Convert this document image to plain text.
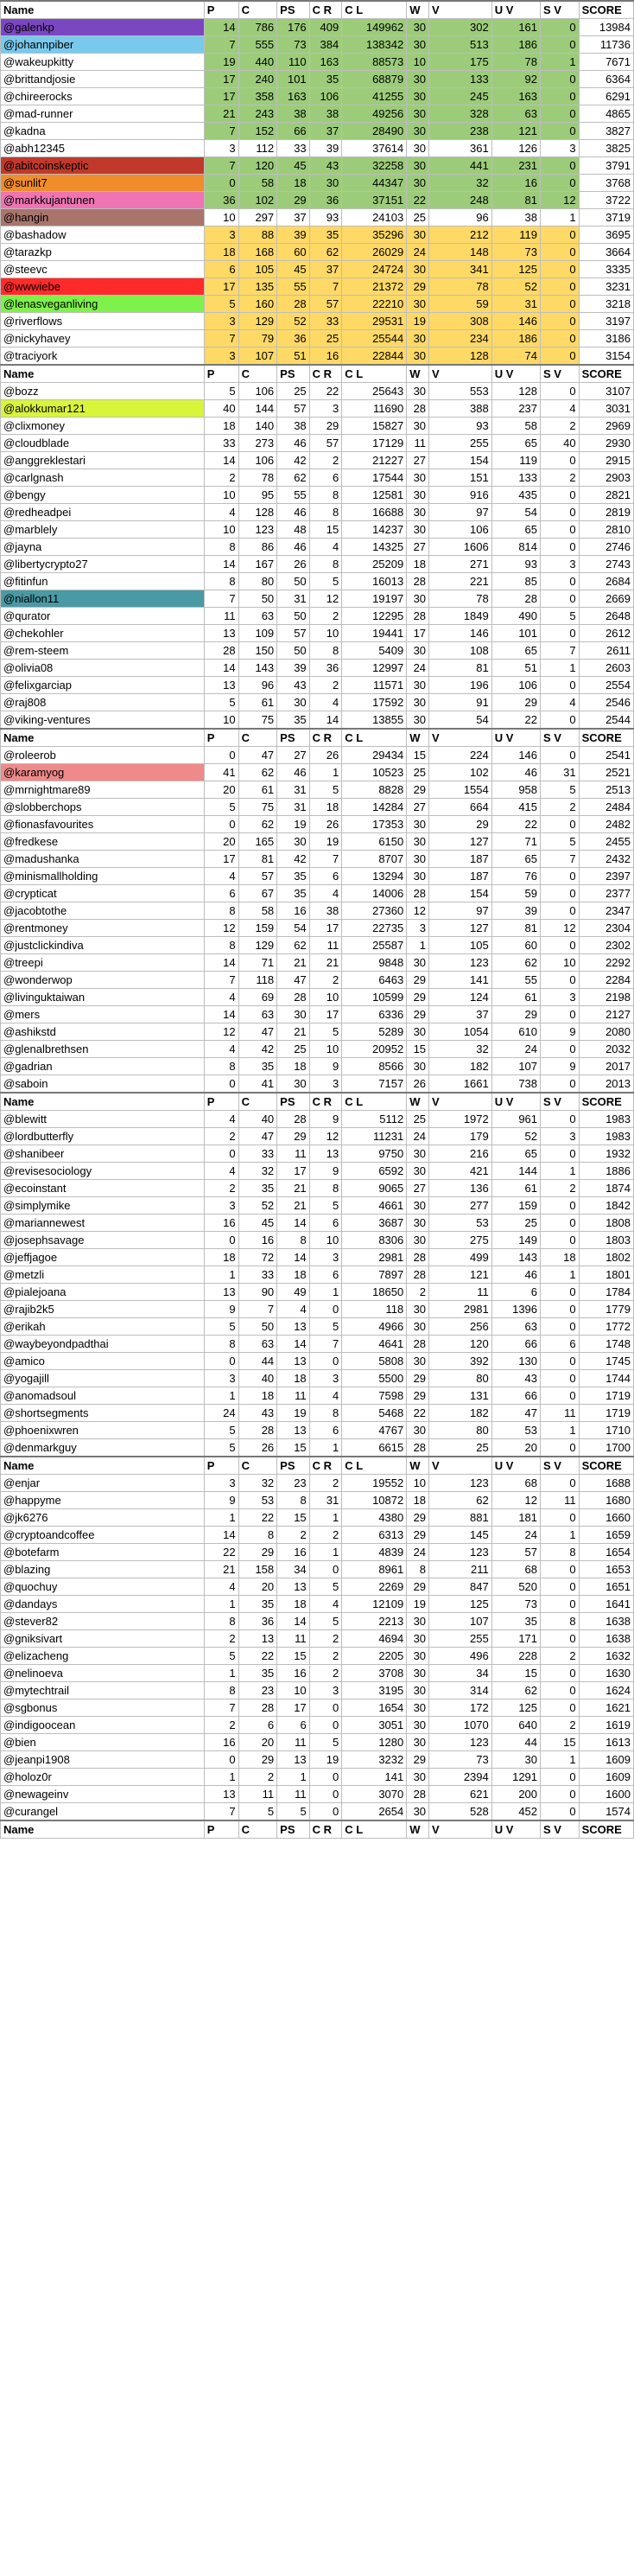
Name	P	C	PS	C R	C L	W	V	U V	S V	SCORE
@galenkp	14	786	176	409	149962	30	302	161	0	13984
@johannpiber	7	555	73	384	138342	30	513	186	0	11736
@wakeupkitty	19	440	110	163	88573	10	175	78	1	7671
@brittandjosie	17	240	101	35	68879	30	133	92	0	6364
@chireerocks	17	358	163	106	41255	30	245	163	0	6291
@mad-runner	21	243	38	38	49256	30	328	63	0	4865
@kadna	7	152	66	37	28490	30	238	121	0	3827
@abh12345	3	112	33	39	37614	30	361	126	3	3825
@abitcoinskeptic	7	120	45	43	32258	30	441	231	0	3791
@sunlit7	0	58	18	30	44347	30	32	16	0	3768
@markkujantunen	36	102	29	36	37151	22	248	81	12	3722
@hangin	10	297	37	93	24103	25	96	38	1	3719
@bashadow	3	88	39	35	35296	30	212	119	0	3695
@tarazkp	18	168	60	62	26029	24	148	73	0	3664
@steevc	6	105	45	37	24724	30	341	125	0	3335
@wwwiebe	17	135	55	7	21372	29	78	52	0	3231
@lenasveganliving	5	160	28	57	22210	30	59	31	0	3218
@riverflows	3	129	52	33	29531	19	308	146	0	3197
@nickyhavey	7	79	36	25	25544	30	234	186	0	3186
@traciyork	3	107	51	16	22844	30	128	74	0	3154
Name	P	C	PS	C R	C L	W	V	U V	S V	SCORE
@bozz	5	106	25	22	25643	30	553	128	0	3107
@alokkumar121	40	144	57	3	11690	28	388	237	4	3031
@clixmoney	18	140	38	29	15827	30	93	58	2	2969
@cloudblade	33	273	46	57	17129	11	255	65	40	2930
@anggreklestari	14	106	42	2	21227	27	154	119	0	2915
@carlgnash	2	78	62	6	17544	30	151	133	2	2903
@bengy	10	95	55	8	12581	30	916	435	0	2821
@redheadpei	4	128	46	8	16688	30	97	54	0	2819
@marblely	10	123	48	15	14237	30	106	65	0	2810
@jayna	8	86	46	4	14325	27	1606	814	0	2746
@libertycrypto27	14	167	26	8	25209	18	271	93	3	2743
@fitinfun	8	80	50	5	16013	28	221	85	0	2684
@niallon11	7	50	31	12	19197	30	78	28	0	2669
@qurator	11	63	50	2	12295	28	1849	490	5	2648
@chekohler	13	109	57	10	19441	17	146	101	0	2612
@rem-steem	28	150	50	8	5409	30	108	65	7	2611
@olivia08	14	143	39	36	12997	24	81	51	1	2603
@felixgarciap	13	96	43	2	11571	30	196	106	0	2554
@raj808	5	61	30	4	17592	30	91	29	4	2546
@viking-ventures	10	75	35	14	13855	30	54	22	0	2544
Name	P	C	PS	C R	C L	W	V	U V	S V	SCORE
@roleerob	0	47	27	26	29434	15	224	146	0	2541
@karamyog	41	62	46	1	10523	25	102	46	31	2521
@mrnightmare89	20	61	31	5	8828	29	1554	958	5	2513
@slobberchops	5	75	31	18	14284	27	664	415	2	2484
@fionasfavourites	0	62	19	26	17353	30	29	22	0	2482
@fredkese	20	165	30	19	6150	30	127	71	5	2455
@madushanka	17	81	42	7	8707	30	187	65	7	2432
@minismallholding	4	57	35	6	13294	30	187	76	0	2397
@crypticat	6	67	35	4	14006	28	154	59	0	2377
@jacobtothe	8	58	16	38	27360	12	97	39	0	2347
@rentmoney	12	159	54	17	22735	3	127	81	12	2304
@justclickindiva	8	129	62	11	25587	1	105	60	0	2302
@treepi	14	71	21	21	9848	30	123	62	10	2292
@wonderwop	7	118	47	2	6463	29	141	55	0	2284
@livinguktaiwan	4	69	28	10	10599	29	124	61	3	2198
@mers	14	63	30	17	6336	29	37	29	0	2127
@ashikstd	12	47	21	5	5289	30	1054	610	9	2080
@glenalbrethsen	4	42	25	10	20952	15	32	24	0	2032
@gadrian	8	35	18	9	8566	30	182	107	9	2017
@saboin	0	41	30	3	7157	26	1661	738	0	2013
Name	P	C	PS	C R	C L	W	V	U V	S V	SCORE
@blewitt	4	40	28	9	5112	25	1972	961	0	1983
@lordbutterfly	2	47	29	12	11231	24	179	52	3	1983
@shanibeer	0	33	11	13	9750	30	216	65	0	1932
@revisesociology	4	32	17	9	6592	30	421	144	1	1886
@ecoinstant	2	35	21	8	9065	27	136	61	2	1874
@simplymike	3	52	21	5	4661	30	277	159	0	1842
@mariannewest	16	45	14	6	3687	30	53	25	0	1808
@josephsavage	0	16	8	10	8306	30	275	149	0	1803
@jeffjagoe	18	72	14	3	2981	28	499	143	18	1802
@metzli	1	33	18	6	7897	28	121	46	1	1801
@pialejoana	13	90	49	1	18650	2	11	6	0	1784
@rajib2k5	9	7	4	0	118	30	2981	1396	0	1779
@erikah	5	50	13	5	4966	30	256	63	0	1772
@waybeyondpadthai	8	63	14	7	4641	28	120	66	6	1748
@amico	0	44	13	0	5808	30	392	130	0	1745
@yogajill	3	40	18	3	5500	29	80	43	0	1744
@anomadsoul	1	18	11	4	7598	29	131	66	0	1719
@shortsegments	24	43	19	8	5468	22	182	47	11	1719
@phoenixwren	5	28	13	6	4767	30	80	53	1	1710
@denmarkguy	5	26	15	1	6615	28	25	20	0	1700
Name	P	C	PS	C R	C L	W	V	U V	S V	SCORE
@enjar	3	32	23	2	19552	10	123	68	0	1688
@happyme	9	53	8	31	10872	18	62	12	11	1680
@jk6276	1	22	15	1	4380	29	881	181	0	1660
@cryptoandcoffee	14	8	2	2	6313	29	145	24	1	1659
@botefarm	22	29	16	1	4839	24	123	57	8	1654
@blazing	21	158	34	0	8961	8	211	68	0	1653
@quochuy	4	20	13	5	2269	29	847	520	0	1651
@dandays	1	35	18	4	12109	19	125	73	0	1641
@stever82	8	36	14	5	2213	30	107	35	8	1638
@gniksivart	2	13	11	2	4694	30	255	171	0	1638
@elizacheng	5	22	15	2	2205	30	496	228	2	1632
@nelinoeva	1	35	16	2	3708	30	34	15	0	1630
@mytechtrail	8	23	10	3	3195	30	314	62	0	1624
@sgbonus	7	28	17	0	1654	30	172	125	0	1621
@indigoocean	2	6	6	0	3051	30	1070	640	2	1619
@bien	16	20	11	5	1280	30	123	44	15	1613
@jeanpi1908	0	29	13	19	3232	29	73	30	1	1609
@holoz0r	1	2	1	0	141	30	2394	1291	0	1609
@newageinv	13	11	11	0	3070	28	621	200	0	1600
@curangel	7	5	5	0	2654	30	528	452	0	1574
Name	P	C	PS	C R	C L	W	V	U V	S V	SCORE
